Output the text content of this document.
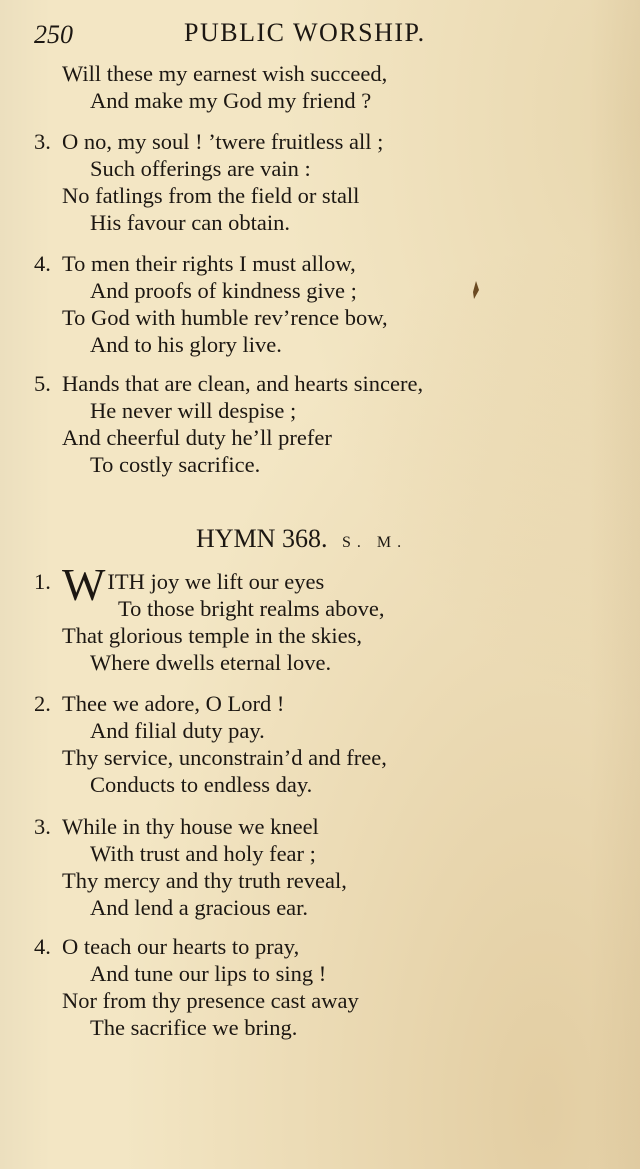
250	PUBLIC WORSHIP.
Will these my earnest wish succeed,
And make my God my friend ?
3. O no, my soul ! ’twere fruitless all ;
Such offerings are vain :
No fatlings from the field or stall
His favour can obtain.
4. To men their rights I must allow,
And proofs of kindness give ;
To God with humble rev’rence bow,
And to his glory live.
5. Hands that are clean, and hearts sincere,
He never will despise ;
And cheerful duty he’ll prefer
To costly sacrifice.
HYMN 368. S. M.
1. WITH joy we lift our eyes
To those bright realms above,
That glorious temple in the skies,
Where dwells eternal love.
2. Thee we adore, O Lord !
And filial duty pay.
Thy service, unconstrain’d and free,
Conducts to endless day.
3. While in thy house we kneel
With trust and holy fear ;
Thy mercy and thy truth reveal,
And lend a gracious ear.
4. O teach our hearts to pray,
And tune our lips to sing !
Nor from thy presence cast away
The sacrifice we bring.
